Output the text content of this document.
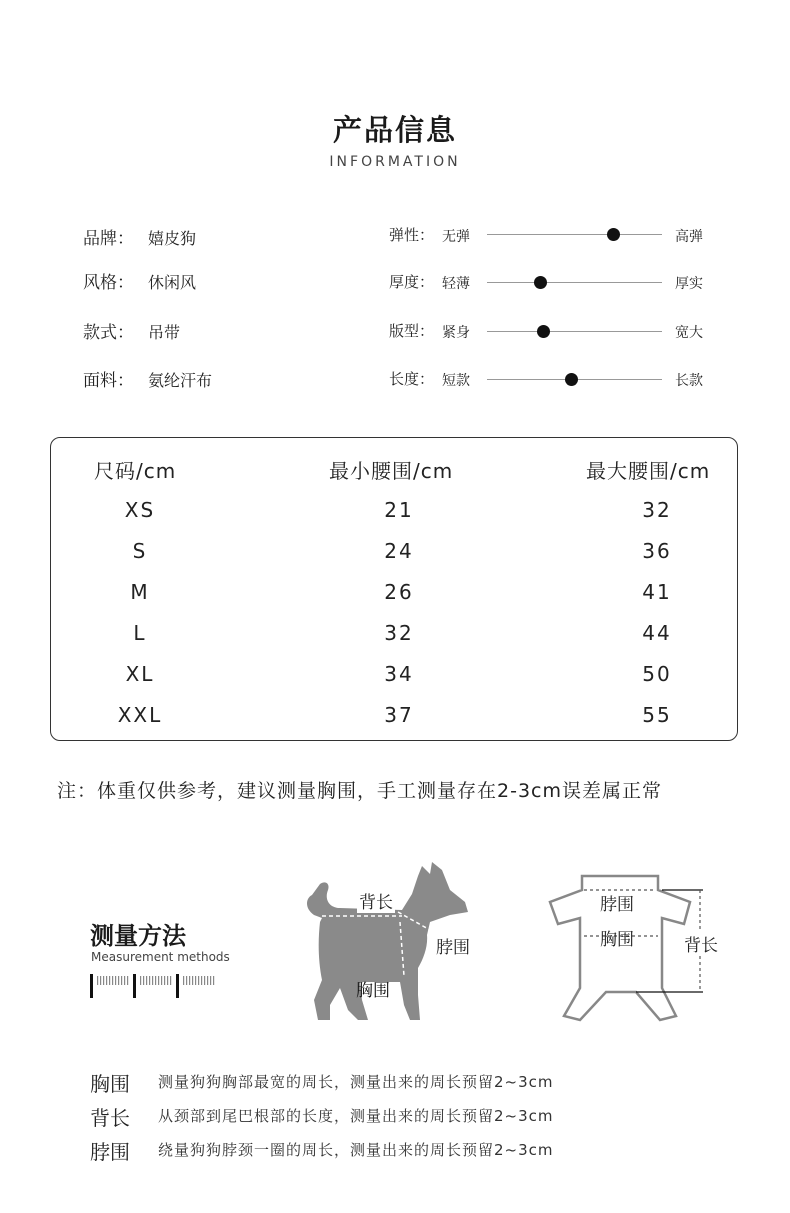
产品信息
INFORMATION
品牌： 嬉皮狗
风格： 休闲风
款式： 吊带
面料： 氨纶汗布
弹性： 无弹	高弹
厚度： 轻薄	厚实
版型： 紧身	宽大
长度： 短款	长款
尺码/cm	最小腰围/cm	最大腰围/cm
XS	21	32
S	24	36
M	26	41
L	32	44
XL	34	50
XXL	37	55
注：体重仅供参考，建议测量胸围，手工测量存在2-3cm误差属正常
测量方法
Measurement methods
背长
脖围
胸围
脖围
胸围	背长
胸围 测量狗狗胸部最宽的周长，测量出来的周长预留2~3cm
背长 从颈部到尾巴根部的长度，测量出来的周长预留2~3cm
脖围 绕量狗狗脖颈一圈的周长，测量出来的周长预留2~3cm
